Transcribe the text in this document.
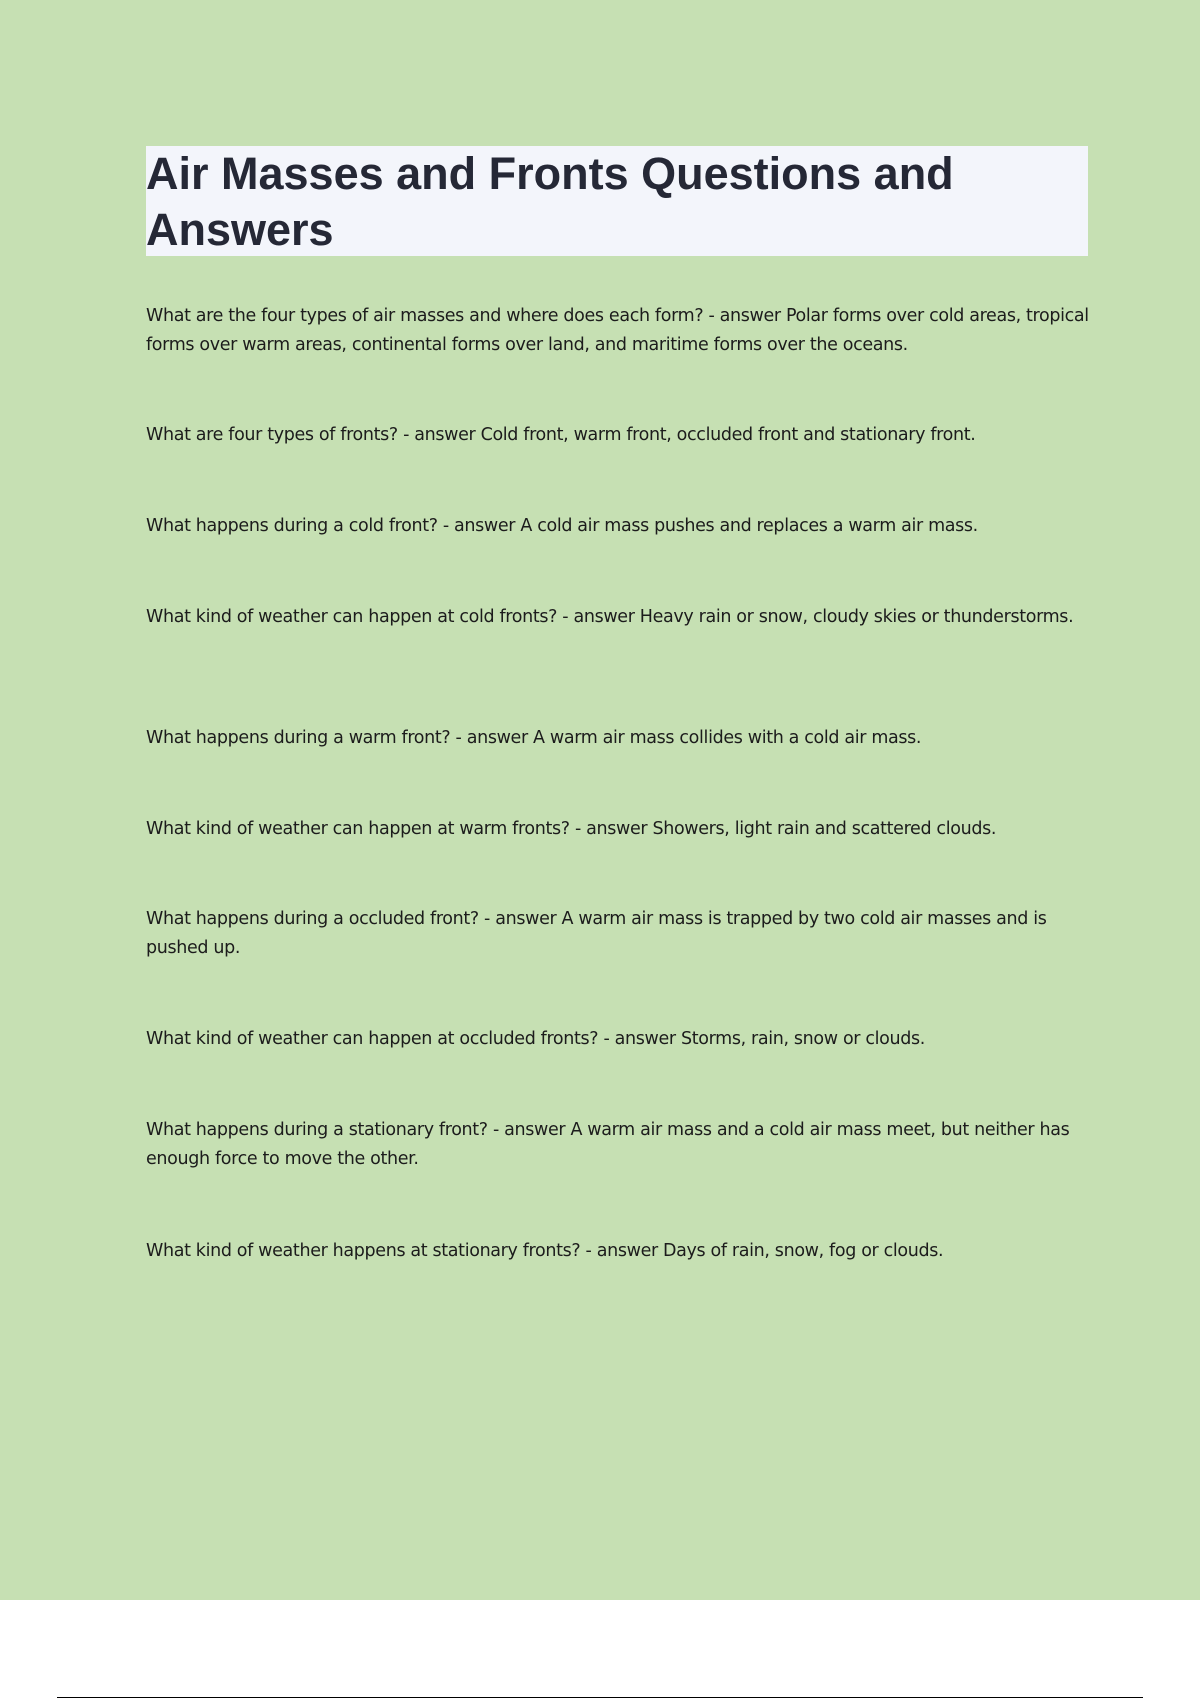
Air Masses and Fronts Questions and Answers

What are the four types of air masses and where does each form? - answer Polar forms over cold areas, tropical forms over warm areas, continental forms over land, and maritime forms over the oceans.

What are four types of fronts? - answer Cold front, warm front, occluded front and stationary front.

What happens during a cold front? - answer A cold air mass pushes and replaces a warm air mass.

What kind of weather can happen at cold fronts? - answer Heavy rain or snow, cloudy skies or thunderstorms.

What happens during a warm front? - answer A warm air mass collides with a cold air mass.

What kind of weather can happen at warm fronts? - answer Showers, light rain and scattered clouds.

What happens during a occluded front? - answer A warm air mass is trapped by two cold air masses and is pushed up.

What kind of weather can happen at occluded fronts? - answer Storms, rain, snow or clouds.

What happens during a stationary front? - answer A warm air mass and a cold air mass meet, but neither has enough force to move the other.

What kind of weather happens at stationary fronts? - answer Days of rain, snow, fog or clouds.
